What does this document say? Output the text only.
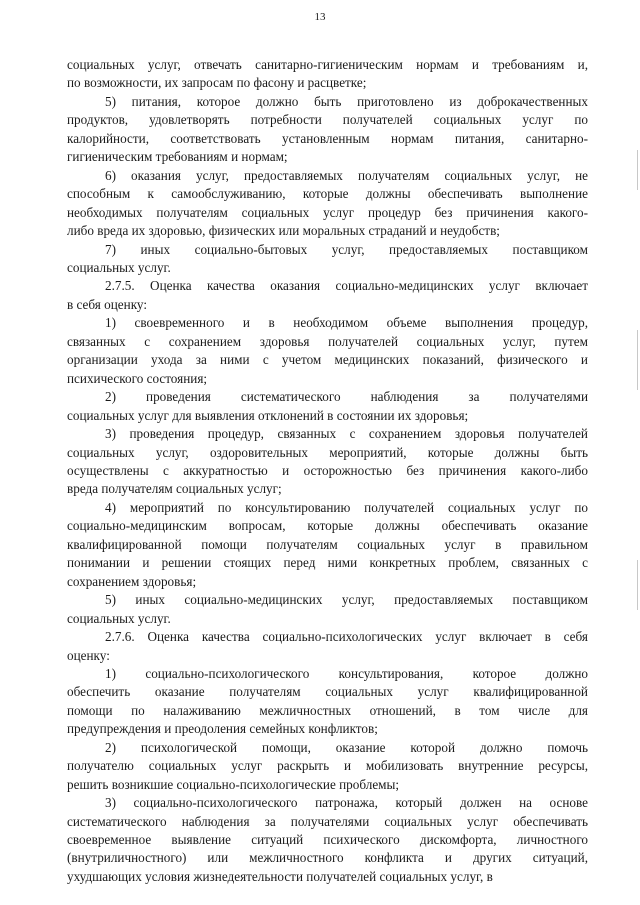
13

социальных услуг, отвечать санитарно-гигиеническим нормам и требованиям и,
по возможности, их запросам по фасону и расцветке;

5) питания, которое должно быть приготовлено из доброкачественных
продуктов, удовлетворять потребности получателей социальных услуг по
калорийности, соответствовать установленным нормам питания, санитарно-
гигиеническим требованиям и нормам;

6) оказания услуг, предоставляемых получателям социальных услуг, не
способным к самообслуживанию, которые должны обеспечивать выполнение
необходимых получателям социальных услуг процедур без причинения какого-
либо вреда их здоровью, физических или моральных страданий и неудобств;

7) иных социально-бытовых услуг, предоставляемых поставщиком
социальных услуг.

2.7.5. Оценка качества оказания социально-медицинских услуг включает
в себя оценку:

1) своевременного и в необходимом объеме выполнения процедур,
связанных с сохранением здоровья получателей социальных услуг, путем
организации ухода за ними с учетом медицинских показаний, физического и
психического состояния;

2) проведения систематического наблюдения за получателями
социальных услуг для выявления отклонений в состоянии их здоровья;

3) проведения процедур, связанных с сохранением здоровья получателей
социальных услуг, оздоровительных мероприятий, которые должны быть
осуществлены с аккуратностью и осторожностью без причинения какого-либо
вреда получателям социальных услуг;

4) мероприятий по консультированию получателей социальных услуг по
социально-медицинским вопросам, которые должны обеспечивать оказание
квалифицированной помощи получателям социальных услуг в правильном
понимании и решении стоящих перед ними конкретных проблем, связанных с
сохранением здоровья;

5) иных социально-медицинских услуг, предоставляемых поставщиком
социальных услуг.

2.7.6. Оценка качества социально-психологических услуг включает в себя
оценку:

1) социально-психологического консультирования, которое должно
обеспечить оказание получателям социальных услуг квалифицированной
помощи по налаживанию межличностных отношений, в том числе для
предупреждения и преодоления семейных конфликтов;

2) психологической помощи, оказание которой должно помочь
получателю социальных услуг раскрыть и мобилизовать внутренние ресурсы,
решить возникшие социально-психологические проблемы;

3) социально-психологического патронажа, который должен на основе
систематического наблюдения за получателями социальных услуг обеспечивать
своевременное выявление ситуаций психического дискомфорта, личностного
(внутриличностного) или межличностного конфликта и других ситуаций,
ухудшающих условия жизнедеятельности получателей социальных услуг, в
